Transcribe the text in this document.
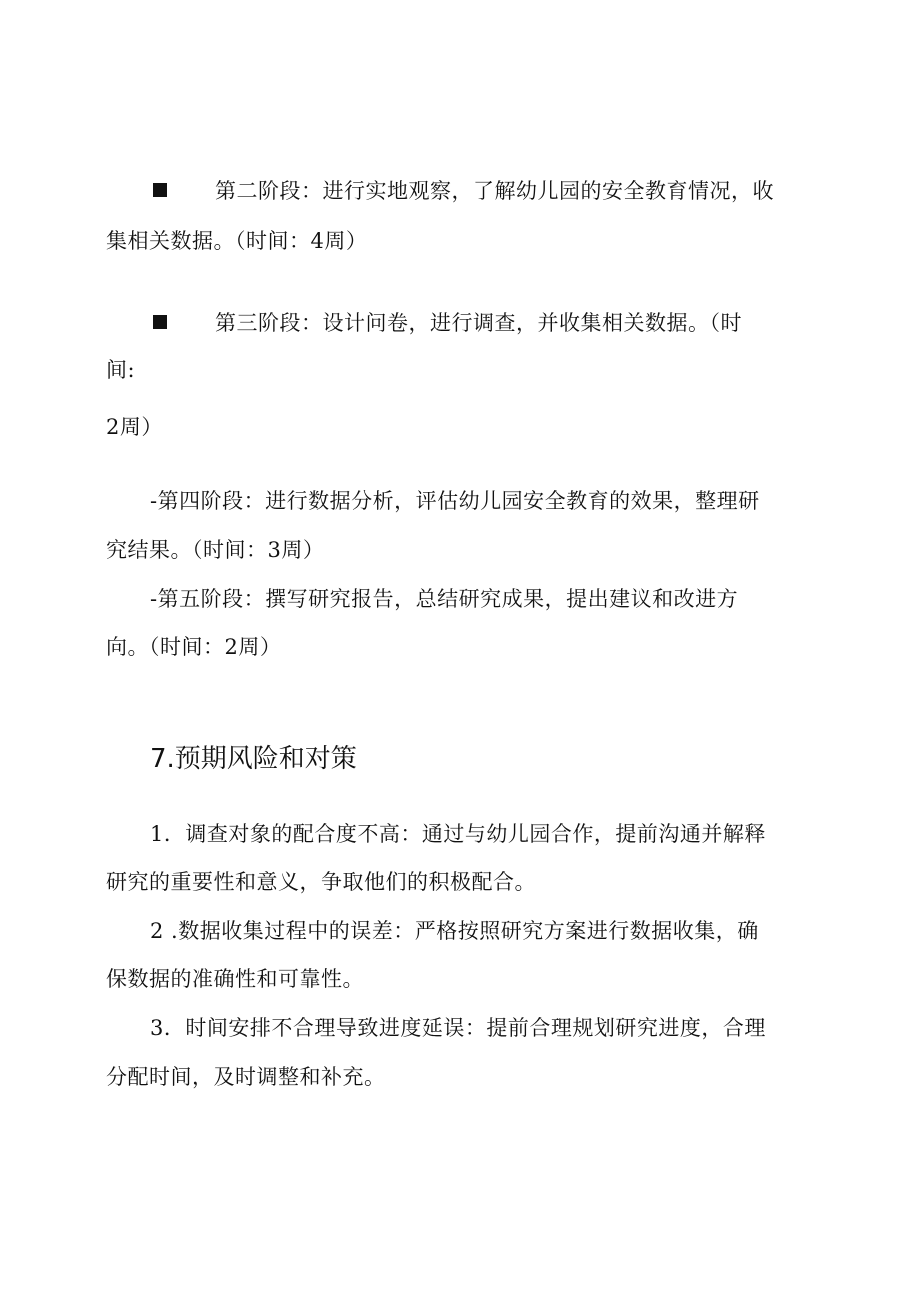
第二阶段：进行实地观察，了解幼儿园的安全教育情况，收
集相关数据。（时间：4周）
第三阶段：设计问卷，进行调查，并收集相关数据。（时
间:
2周）
-第四阶段：进行数据分析，评估幼儿园安全教育的效果，整理研
究结果。（时间：3周）
-第五阶段：撰写研究报告，总结研究成果，提出建议和改进方
向。（时间：2周）
7.预期风险和对策
1．调查对象的配合度不高：通过与幼儿园合作，提前沟通并解释
研究的重要性和意义，争取他们的积极配合。
2 .数据收集过程中的误差：严格按照研究方案进行数据收集，确
保数据的准确性和可靠性。
3．时间安排不合理导致进度延误：提前合理规划研究进度，合理
分配时间，及时调整和补充。
